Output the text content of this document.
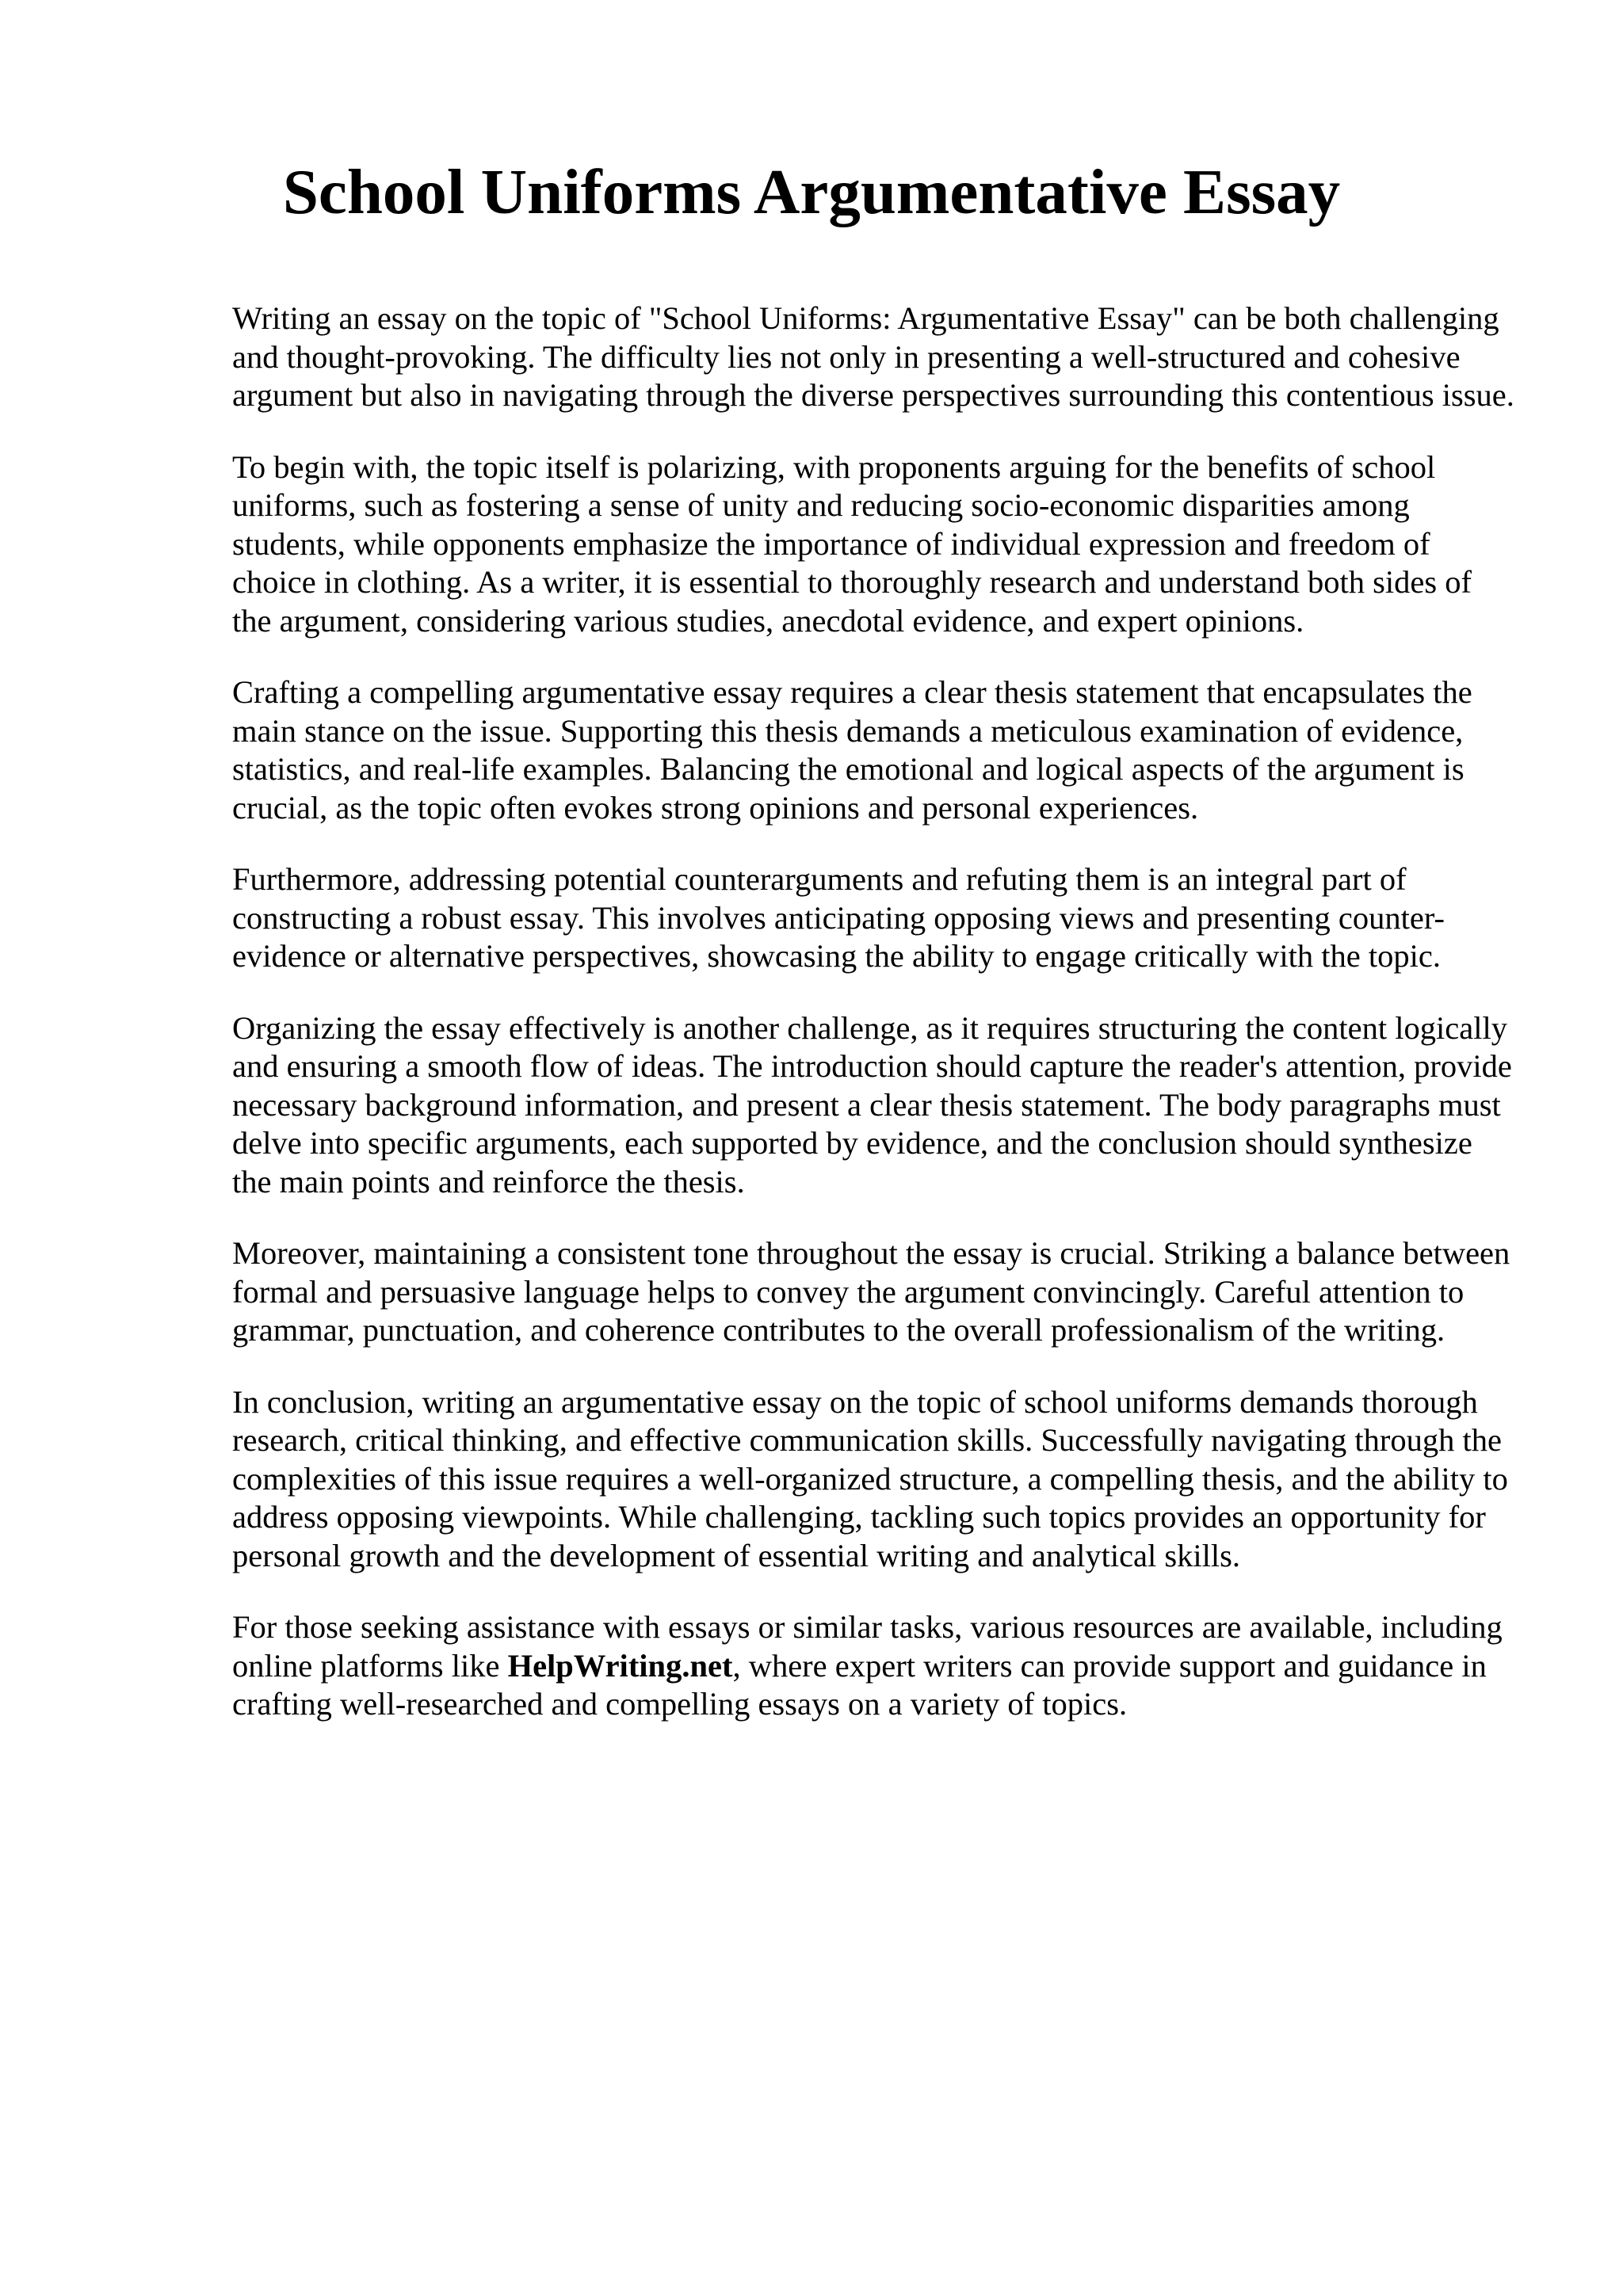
School Uniforms Argumentative Essay

Writing an essay on the topic of "School Uniforms: Argumentative Essay" can be both challenging and thought-provoking. The difficulty lies not only in presenting a well-structured and cohesive argument but also in navigating through the diverse perspectives surrounding this contentious issue.

To begin with, the topic itself is polarizing, with proponents arguing for the benefits of school uniforms, such as fostering a sense of unity and reducing socio-economic disparities among students, while opponents emphasize the importance of individual expression and freedom of choice in clothing. As a writer, it is essential to thoroughly research and understand both sides of the argument, considering various studies, anecdotal evidence, and expert opinions.

Crafting a compelling argumentative essay requires a clear thesis statement that encapsulates the main stance on the issue. Supporting this thesis demands a meticulous examination of evidence, statistics, and real-life examples. Balancing the emotional and logical aspects of the argument is crucial, as the topic often evokes strong opinions and personal experiences.

Furthermore, addressing potential counterarguments and refuting them is an integral part of constructing a robust essay. This involves anticipating opposing views and presenting counter-evidence or alternative perspectives, showcasing the ability to engage critically with the topic.

Organizing the essay effectively is another challenge, as it requires structuring the content logically and ensuring a smooth flow of ideas. The introduction should capture the reader's attention, provide necessary background information, and present a clear thesis statement. The body paragraphs must delve into specific arguments, each supported by evidence, and the conclusion should synthesize the main points and reinforce the thesis.

Moreover, maintaining a consistent tone throughout the essay is crucial. Striking a balance between formal and persuasive language helps to convey the argument convincingly. Careful attention to grammar, punctuation, and coherence contributes to the overall professionalism of the writing.

In conclusion, writing an argumentative essay on the topic of school uniforms demands thorough research, critical thinking, and effective communication skills. Successfully navigating through the complexities of this issue requires a well-organized structure, a compelling thesis, and the ability to address opposing viewpoints. While challenging, tackling such topics provides an opportunity for personal growth and the development of essential writing and analytical skills.

For those seeking assistance with essays or similar tasks, various resources are available, including online platforms like HelpWriting.net, where expert writers can provide support and guidance in crafting well-researched and compelling essays on a variety of topics.
